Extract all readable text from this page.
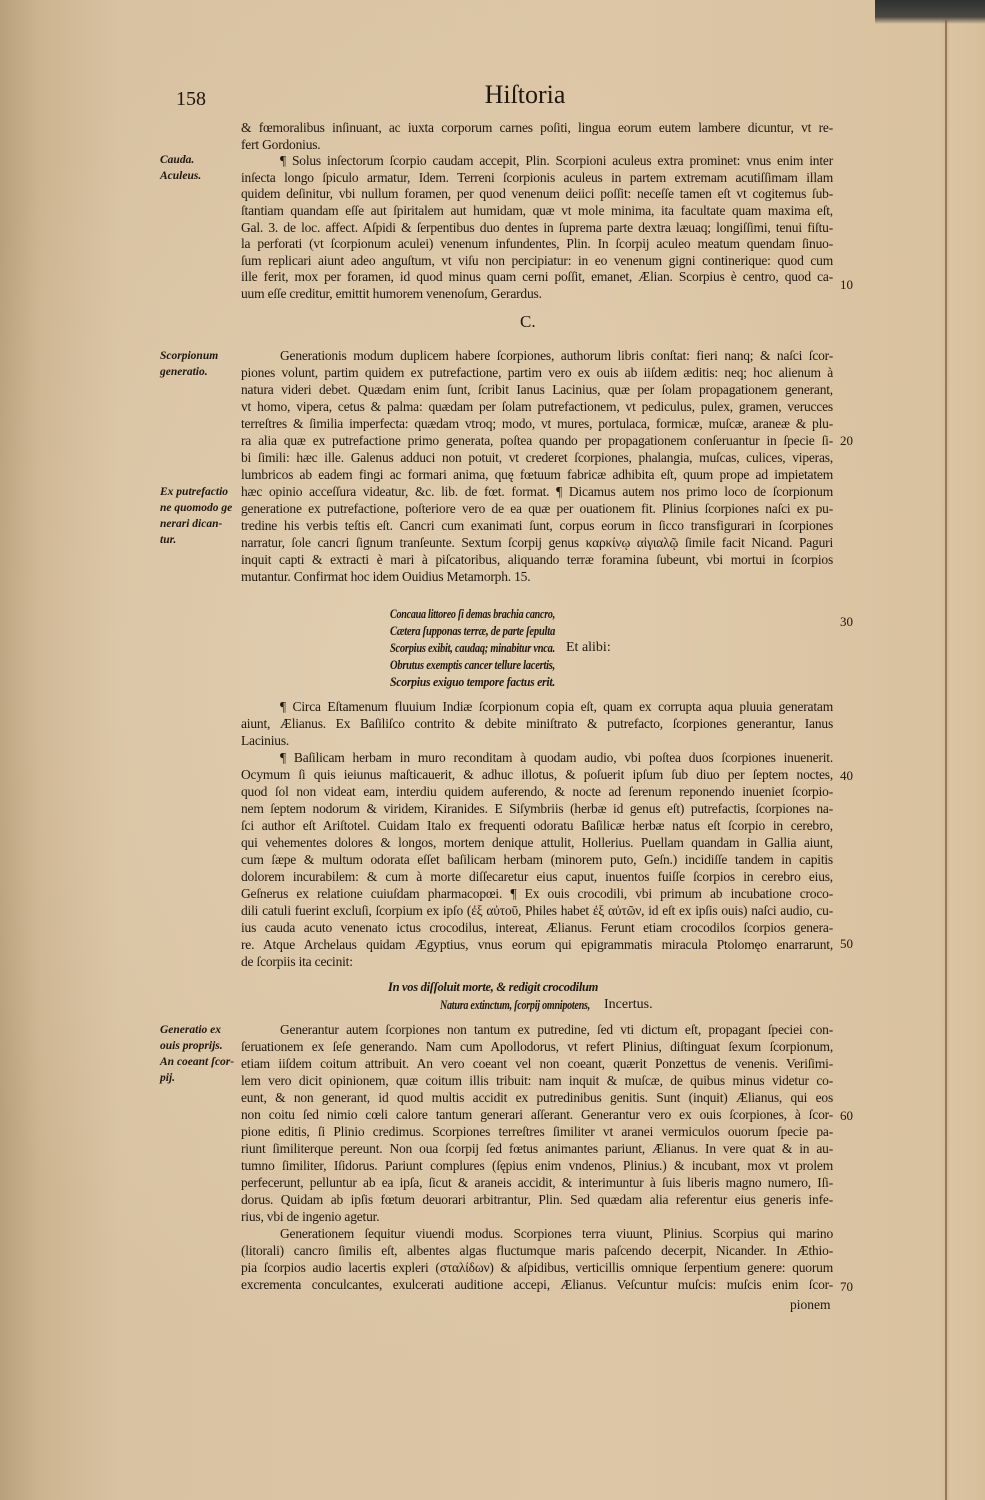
158	Hiſtoria
C.
& fœmoralibus inſinuant, ac iuxta corporum carnes poſiti, lingua eorum eutem lambere dicuntur, vt re-
fert Gordonius.
¶ Solus inſectorum ſcorpio caudam accepit, Plin. Scorpioni aculeus extra prominet: vnus enim inter
inſecta longo ſpiculo armatur, Idem. Terreni ſcorpionis aculeus in partem extremam acutiſſimam illam
quidem deſinitur, vbi nullum foramen, per quod venenum deiici poſſit: neceſſe tamen eſt vt cogitemus ſub-
ſtantiam quandam eſſe aut ſpiritalem aut humidam, quæ vt mole minima, ita facultate quam maxima eſt,
Gal. 3. de loc. affect. Aſpidi & ſerpentibus duo dentes in ſuprema parte dextra læuaq; longiſſimi, tenui fiſtu-
la perforati (vt ſcorpionum aculei) venenum infundentes, Plin. In ſcorpij aculeo meatum quendam ſinuo-
ſum replicari aiunt adeo anguſtum, vt viſu non percipiatur: in eo venenum gigni continerique: quod cum
ille ferit, mox per foramen, id quod minus quam cerni poſſit, emanet, Ælian. Scorpius è centro, quod ca-
uum eſſe creditur, emittit humorem venenoſum, Gerardus.
Generationis modum duplicem habere ſcorpiones, authorum libris conſtat: fieri nanq; & naſci ſcor-
piones volunt, partim quidem ex putrefactione, partim vero ex ouis ab iiſdem æditis: neq; hoc alienum à
natura videri debet. Quædam enim ſunt, ſcribit Ianus Lacinius, quæ per ſolam propagationem generant,
vt homo, vipera, cetus & palma: quædam per ſolam putrefactionem, vt pediculus, pulex, gramen, verucces
terreſtres & ſimilia imperfecta: quædam vtroq; modo, vt mures, portulaca, formicæ, muſcæ, araneæ & plu-
ra alia quæ ex putrefactione primo generata, poſtea quando per propagationem conſeruantur in ſpecie ſi-
bi ſimili: hæc ille. Galenus adduci non potuit, vt crederet ſcorpiones, phalangia, muſcas, culices, viperas,
lumbricos ab eadem fingi ac formari anima, quę fœtuum fabricæ adhibita eſt, quum prope ad impietatem
hæc opinio acceſſura videatur, &c. lib. de fœt. format. ¶ Dicamus autem nos primo loco de ſcorpionum
generatione ex putrefactione, poſteriore vero de ea quæ per ouationem fit. Plinius ſcorpiones naſci ex pu-
tredine his verbis teſtis eſt. Cancri cum exanimati ſunt, corpus eorum in ſicco transfigurari in ſcorpiones
narratur, ſole cancri ſignum tranſeunte. Sextum ſcorpij genus καρκίνῳ αἰγιαλῷ ſimile facit Nicand. Paguri
inquit capti & extracti è mari à piſcatoribus, aliquando terræ foramina ſubeunt, vbi mortui in ſcorpios
mutantur. Confirmat hoc idem Ouidius Metamorph. 15.
¶ Circa Eſtamenum fluuium Indiæ ſcorpionum copia eſt, quam ex corrupta aqua pluuia generatam
aiunt, Ælianus. Ex Baſiliſco contrito & debite miniſtrato & putrefacto, ſcorpiones generantur, Ianus
Lacinius.
¶ Baſilicam herbam in muro reconditam à quodam audio, vbi poſtea duos ſcorpiones inuenerit.
Ocymum ſi quis ieiunus maſticauerit, & adhuc illotus, & poſuerit ipſum ſub diuo per ſeptem noctes,
quod ſol non videat eam, interdiu quidem auferendo, & nocte ad ſerenum reponendo inueniet ſcorpio-
nem ſeptem nodorum & viridem, Kiranides. E Siſymbriis (herbæ id genus eſt) putrefactis, ſcorpiones na-
ſci author eſt Ariſtotel. Cuidam Italo ex frequenti odoratu Baſilicæ herbæ natus eſt ſcorpio in cerebro,
qui vehementes dolores & longos, mortem denique attulit, Hollerius. Puellam quandam in Gallia aiunt,
cum ſæpe & multum odorata eſſet baſilicam herbam (minorem puto, Geſn.) incidiſſe tandem in capitis
dolorem incurabilem: & cum à morte diſſecaretur eius caput, inuentos fuiſſe ſcorpios in cerebro eius,
Geſnerus ex relatione cuiuſdam pharmacopœi. ¶ Ex ouis crocodili, vbi primum ab incubatione croco-
dili catuli fuerint excluſi, ſcorpium ex ipſo (ἐξ αὐτοῦ, Philes habet ἐξ αὐτῶν, id eſt ex ipſis ouis) naſci audio, cu-
ius cauda acuto venenato ictus crocodilus, intereat, Ælianus. Ferunt etiam crocodilos ſcorpios genera-
re. Atque Archelaus quidam Ægyptius, vnus eorum qui epigrammatis miracula Ptolomęo enarrarunt,
de ſcorpiis ita cecinit:
Generantur autem ſcorpiones non tantum ex putredine, ſed vti dictum eſt, propagant ſpeciei con-
ſeruationem ex ſeſe generando. Nam cum Apollodorus, vt refert Plinius, diſtinguat ſexum ſcorpionum,
etiam iiſdem coitum attribuit. An vero coeant vel non coeant, quærit Ponzettus de venenis. Veriſimi-
lem vero dicit opinionem, quæ coitum illis tribuit: nam inquit & muſcæ, de quibus minus videtur co-
eunt, & non generant, id quod multis accidit ex putredinibus genitis. Sunt (inquit) Ælianus, qui eos
non coitu ſed nimio cœli calore tantum generari aſſerant. Generantur vero ex ouis ſcorpiones, à ſcor-
pione editis, ſi Plinio credimus. Scorpiones terreſtres ſimiliter vt aranei vermiculos ouorum ſpecie pa-
riunt ſimiliterque pereunt. Non oua ſcorpij ſed fœtus animantes pariunt, Ælianus. In vere quat & in au-
tumno ſimiliter, Iſidorus. Pariunt complures (ſępius enim vndenos, Plinius.) & incubant, mox vt prolem
perfecerunt, pelluntur ab ea ipſa, ſicut & araneis accidit, & interimuntur à ſuis liberis magno numero, Iſi-
dorus. Quidam ab ipſis fœtum deuorari arbitrantur, Plin. Sed quædam alia referentur eius generis infe-
rius, vbi de ingenio agetur.
Generationem ſequitur viuendi modus. Scorpiones terra viuunt, Plinius. Scorpius qui marino
(litorali) cancro ſimilis eſt, albentes algas fluctumque maris paſcendo decerpit, Nicander. In Æthio-
pia ſcorpios audio lacertis expleri (σταλίδων) & aſpidibus, verticillis omnique ſerpentium genere: quorum
excrementa conculcantes, exulcerati auditione accepi, Ælianus. Veſcuntur muſcis: muſcis enim ſcor-
Cauda.
Aculeus.
Scorpionum
generatio.
Ex putrefactio
ne quomodo ge
nerari dican-
tur.
Generatio ex
ouis proprijs.
An coeant ſcor-
pij.
10
20
30
40
50
60
70
Concaua littoreo ſi demas brachia cancro,
Cætera ſupponas terræ, de parte ſepulta
Scorpius exibit, caudaq; minabitur vnca.
Obrutus exemptis cancer tellure lacertis,
Scorpius exiguo tempore factus erit.
Et alibi:
In vos diſſoluit morte, & redigit crocodilum
Natura extinctum, ſcorpij omnipotens, Incertus.
pionem
